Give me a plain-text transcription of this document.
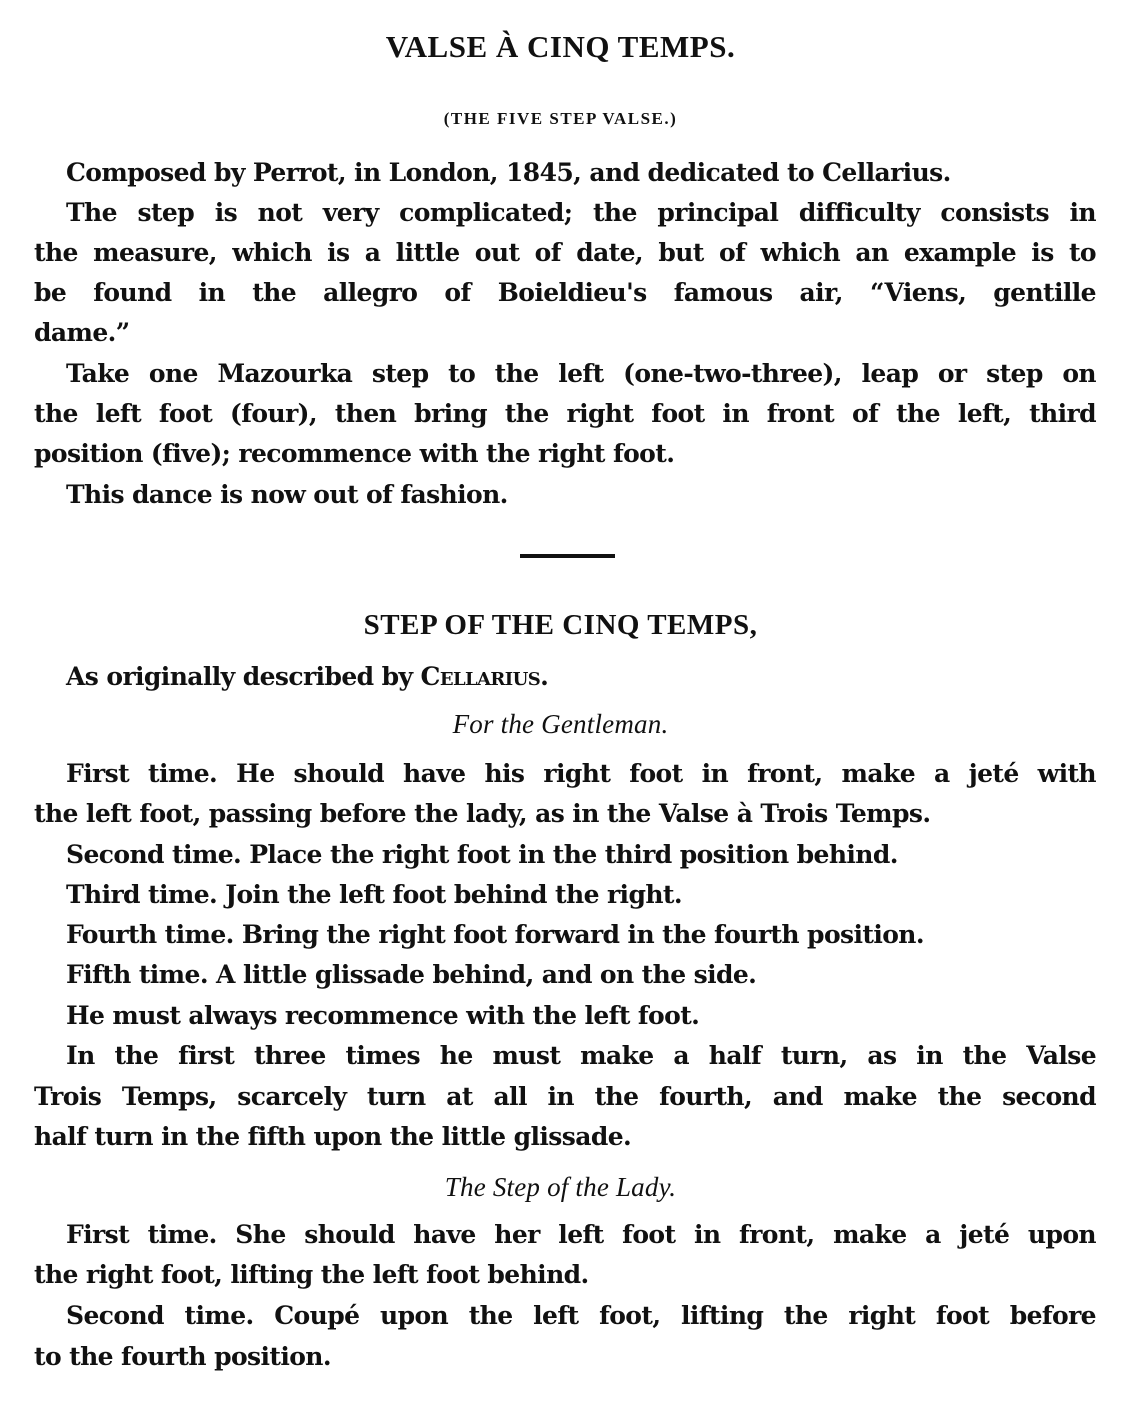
VALSE À CINQ TEMPS.
(THE FIVE STEP VALSE.)
Composed by Perrot, in London, 1845, and dedicated to Cellarius.
The step is not very complicated; the principal difficulty consists in
the measure, which is a little out of date, but of which an example is to
be found in the allegro of Boieldieu's famous air, “Viens, gentille
dame.”
Take one Mazourka step to the left (one-two-three), leap or step on
the left foot (four), then bring the right foot in front of the left, third
position (five); recommence with the right foot.
This dance is now out of fashion.
STEP OF THE CINQ TEMPS,
As originally described by Cellarius.
For the Gentleman.
First time. He should have his right foot in front, make a jeté with
the left foot, passing before the lady, as in the Valse à Trois Temps.
Second time. Place the right foot in the third position behind.
Third time. Join the left foot behind the right.
Fourth time. Bring the right foot forward in the fourth position.
Fifth time. A little glissade behind, and on the side.
He must always recommence with the left foot.
In the first three times he must make a half turn, as in the Valse
Trois Temps, scarcely turn at all in the fourth, and make the second
half turn in the fifth upon the little glissade.
The Step of the Lady.
First time. She should have her left foot in front, make a jeté upon
the right foot, lifting the left foot behind.
Second time. Coupé upon the left foot, lifting the right foot before
to the fourth position.
